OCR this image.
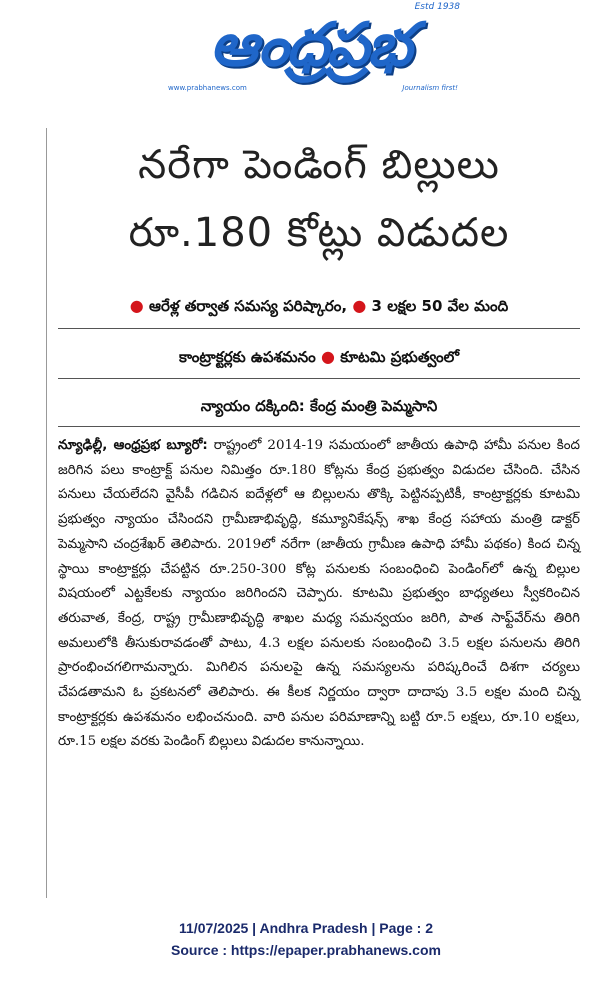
ఆంధ్రప్రభ
Estd 1938
www.prabhanews.com	Journalism first!
నరేగా పెండింగ్ బిల్లులు
రూ.180 కోట్లు విడుదల
● ఆరేళ్ల తర్వాత సమస్య పరిష్కారం, ● 3 లక్షల 50 వేల మంది
కాంట్రాక్టర్లకు ఉపశమనం ● కూటమి ప్రభుత్వంలో
న్యాయం దక్కింది: కేంద్ర మంత్రి పెమ్మసాని
న్యూఢిల్లీ, ఆంధ్రప్రభ బ్యూరో: రాష్ట్రంలో 2014-19 సమయంలో జాతీయ ఉపాధి హామీ పనుల కింద జరిగిన పలు కాంట్రాక్ట్ పనుల నిమిత్తం రూ.180 కోట్లను కేంద్ర ప్రభుత్వం విడుదల చేసింది. చేసిన పనులు చేయలేదని వైసీపీ గడిచిన ఐదేళ్లలో ఆ బిల్లులను తొక్కి పెట్టినప్పటికీ, కాంట్రాక్టర్లకు కూటమి ప్రభుత్వం న్యాయం చేసిందని గ్రామీణాభివృద్ధి, కమ్యూనికేషన్స్ శాఖ కేంద్ర సహాయ మంత్రి డాక్టర్ పెమ్మసాని చంద్రశేఖర్ తెలిపారు. 2019లో నరేగా (జాతీయ గ్రామీణ ఉపాధి హామీ పథకం) కింద చిన్న స్థాయి కాంట్రాక్టర్లు చేపట్టిన రూ.250-300 కోట్ల పనులకు సంబంధించి పెండింగ్‌లో ఉన్న బిల్లుల విషయంలో ఎట్టకేలకు న్యాయం జరిగిందని చెప్పారు. కూటమి ప్రభుత్వం బాధ్యతలు స్వీకరించిన తరువాత, కేంద్ర, రాష్ట్ర గ్రామీణాభివృద్ధి శాఖల మధ్య సమన్వయం జరిగి, పాత సాఫ్ట్‌వేర్‌ను తిరిగి అమలులోకి తీసుకురావడంతో పాటు, 4.3 లక్షల పనులకు సంబంధించి 3.5 లక్షల పనులను తిరిగి ప్రారంభించగలిగామన్నారు. మిగిలిన పనులపై ఉన్న సమస్యలను పరిష్కరించే దిశగా చర్యలు చేపడతామని ఓ ప్రకటనలో తెలిపారు. ఈ కీలక నిర్ణయం ద్వారా దాదాపు 3.5 లక్షల మంది చిన్న కాంట్రాక్టర్లకు ఉపశమనం లభించనుంది. వారి పనుల పరిమాణాన్ని బట్టి రూ.5 లక్షలు, రూ.10 లక్షలు, రూ.15 లక్షల వరకు పెండింగ్ బిల్లులు విడుదల కానున్నాయి.
11/07/2025 | Andhra Pradesh | Page : 2
Source : https://epaper.prabhanews.com
